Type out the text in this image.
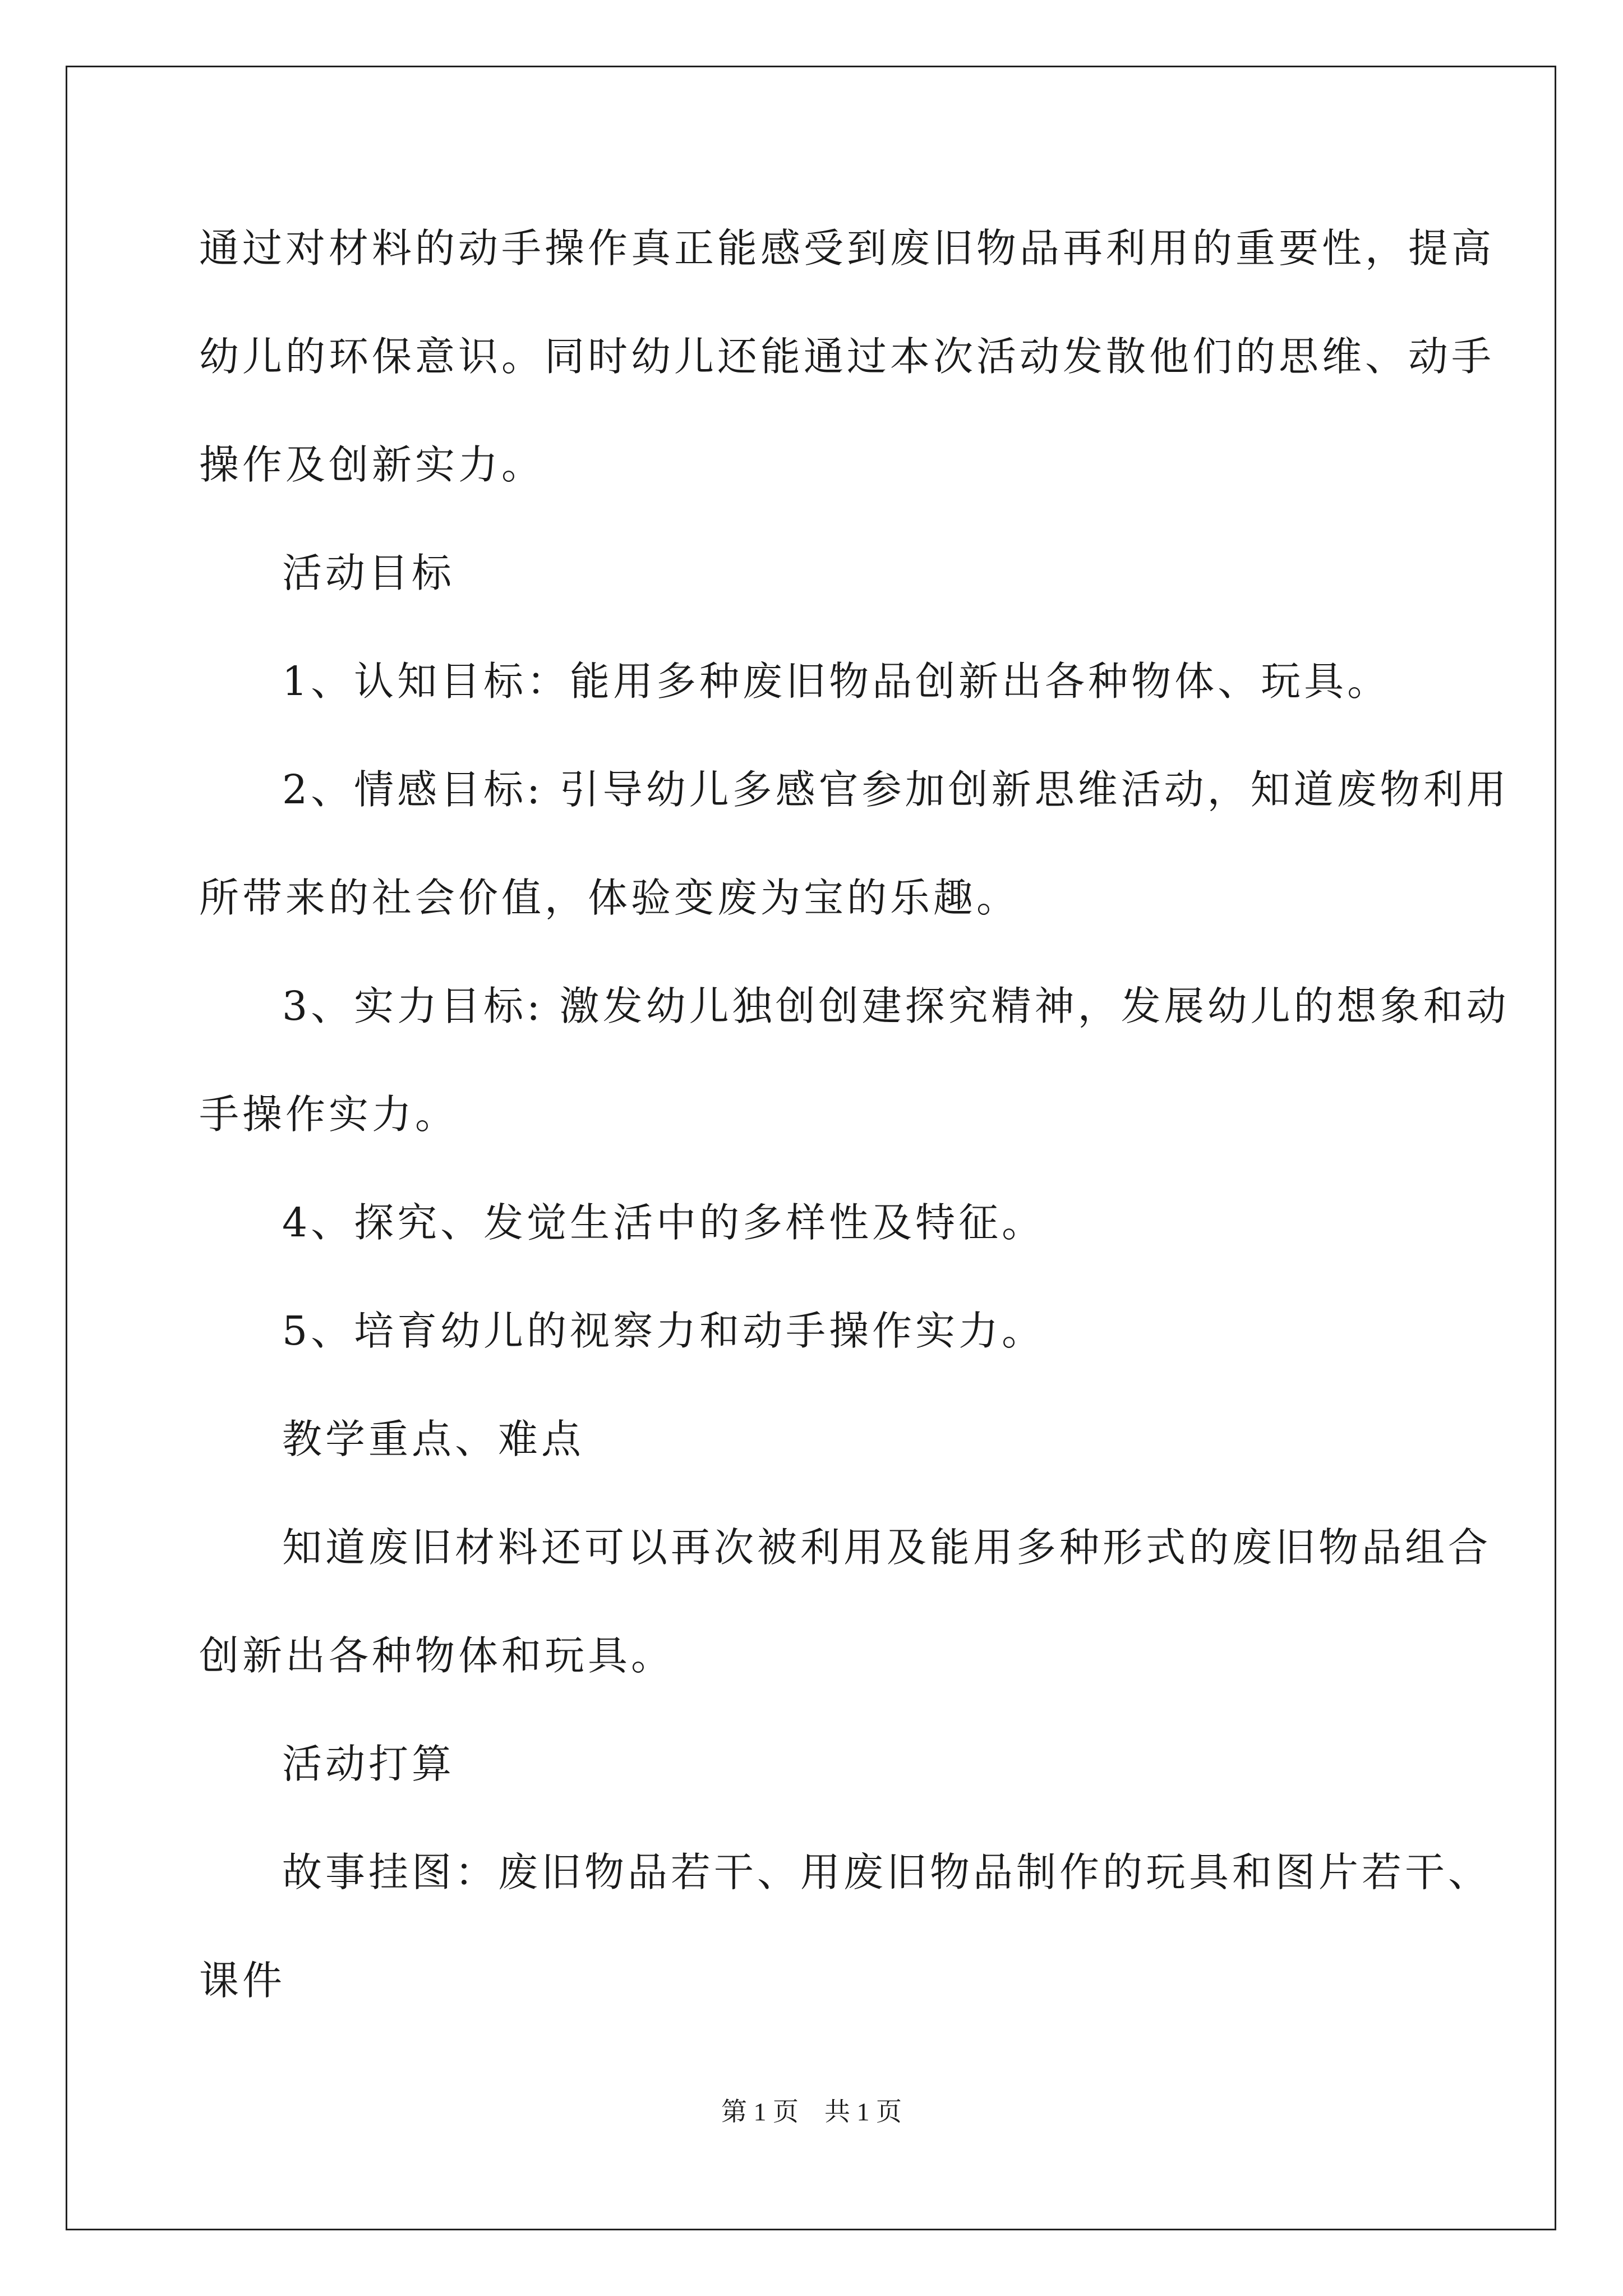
通过对材料的动手操作真正能感受到废旧物品再利用的重要性，提高
幼儿的环保意识。同时幼儿还能通过本次活动发散他们的思维、动手
操作及创新实力。
活动目标
1、认知目标：能用多种废旧物品创新出各种物体、玩具。
2、情感目标: 引导幼儿多感官参加创新思维活动，知道废物利用
所带来的社会价值，体验变废为宝的乐趣。
3、实力目标: 激发幼儿独创创建探究精神，发展幼儿的想象和动
手操作实力。
4、探究、发觉生活中的多样性及特征。
5、培育幼儿的视察力和动手操作实力。
教学重点、难点
知道废旧材料还可以再次被利用及能用多种形式的废旧物品组合
创新出各种物体和玩具。
活动打算
故事挂图：废旧物品若干、用废旧物品制作的玩具和图片若干、
课件
第 1 页    共 1 页
